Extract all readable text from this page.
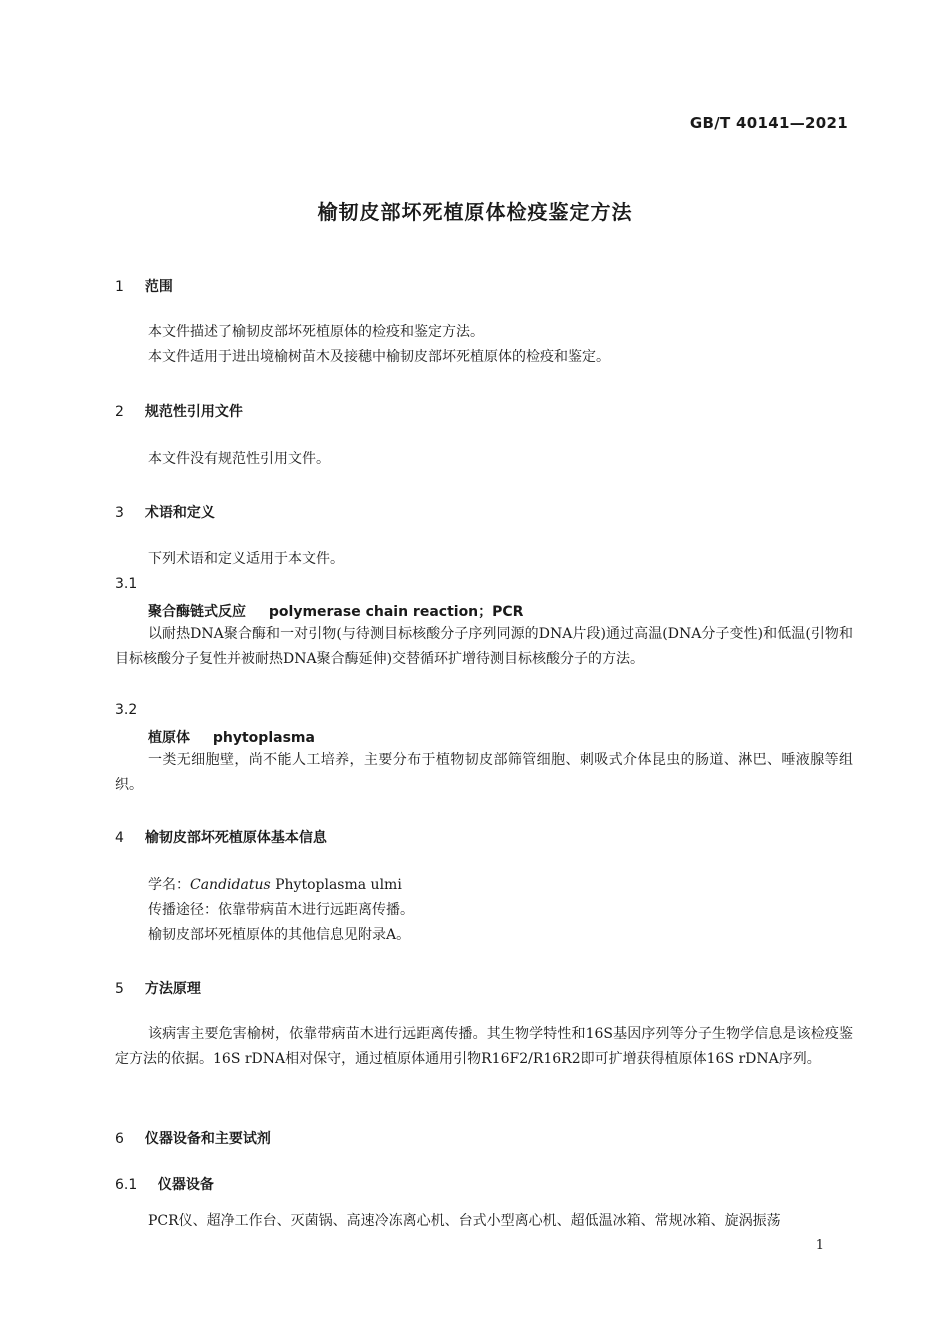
GB/T 40141—2021
榆韧皮部坏死植原体检疫鉴定方法
1 范围
本文件描述了榆韧皮部坏死植原体的检疫和鉴定方法。
本文件适用于进出境榆树苗木及接穗中榆韧皮部坏死植原体的检疫和鉴定。
2 规范性引用文件
本文件没有规范性引用文件。
3 术语和定义
下列术语和定义适用于本文件。
3.1
聚合酶链式反应 polymerase chain reaction；PCR
以耐热DNA聚合酶和一对引物(与待测目标核酸分子序列同源的DNA片段)通过高温(DNA分子变性)和低温(引物和目标核酸分子复性并被耐热DNA聚合酶延伸)交替循环扩增待测目标核酸分子的方法。
3.2
植原体 phytoplasma
一类无细胞壁，尚不能人工培养，主要分布于植物韧皮部筛管细胞、刺吸式介体昆虫的肠道、淋巴、唾液腺等组织。
4 榆韧皮部坏死植原体基本信息
学名：Candidatus Phytoplasma ulmi
传播途径：依靠带病苗木进行远距离传播。
榆韧皮部坏死植原体的其他信息见附录A。
5 方法原理
该病害主要危害榆树，依靠带病苗木进行远距离传播。其生物学特性和16S基因序列等分子生物学信息是该检疫鉴定方法的依据。16S rDNA相对保守，通过植原体通用引物R16F2/R16R2即可扩增获得植原体16S rDNA序列。
6 仪器设备和主要试剂
6.1 仪器设备
PCR仪、超净工作台、灭菌锅、高速冷冻离心机、台式小型离心机、超低温冰箱、常规冰箱、旋涡振荡
1
